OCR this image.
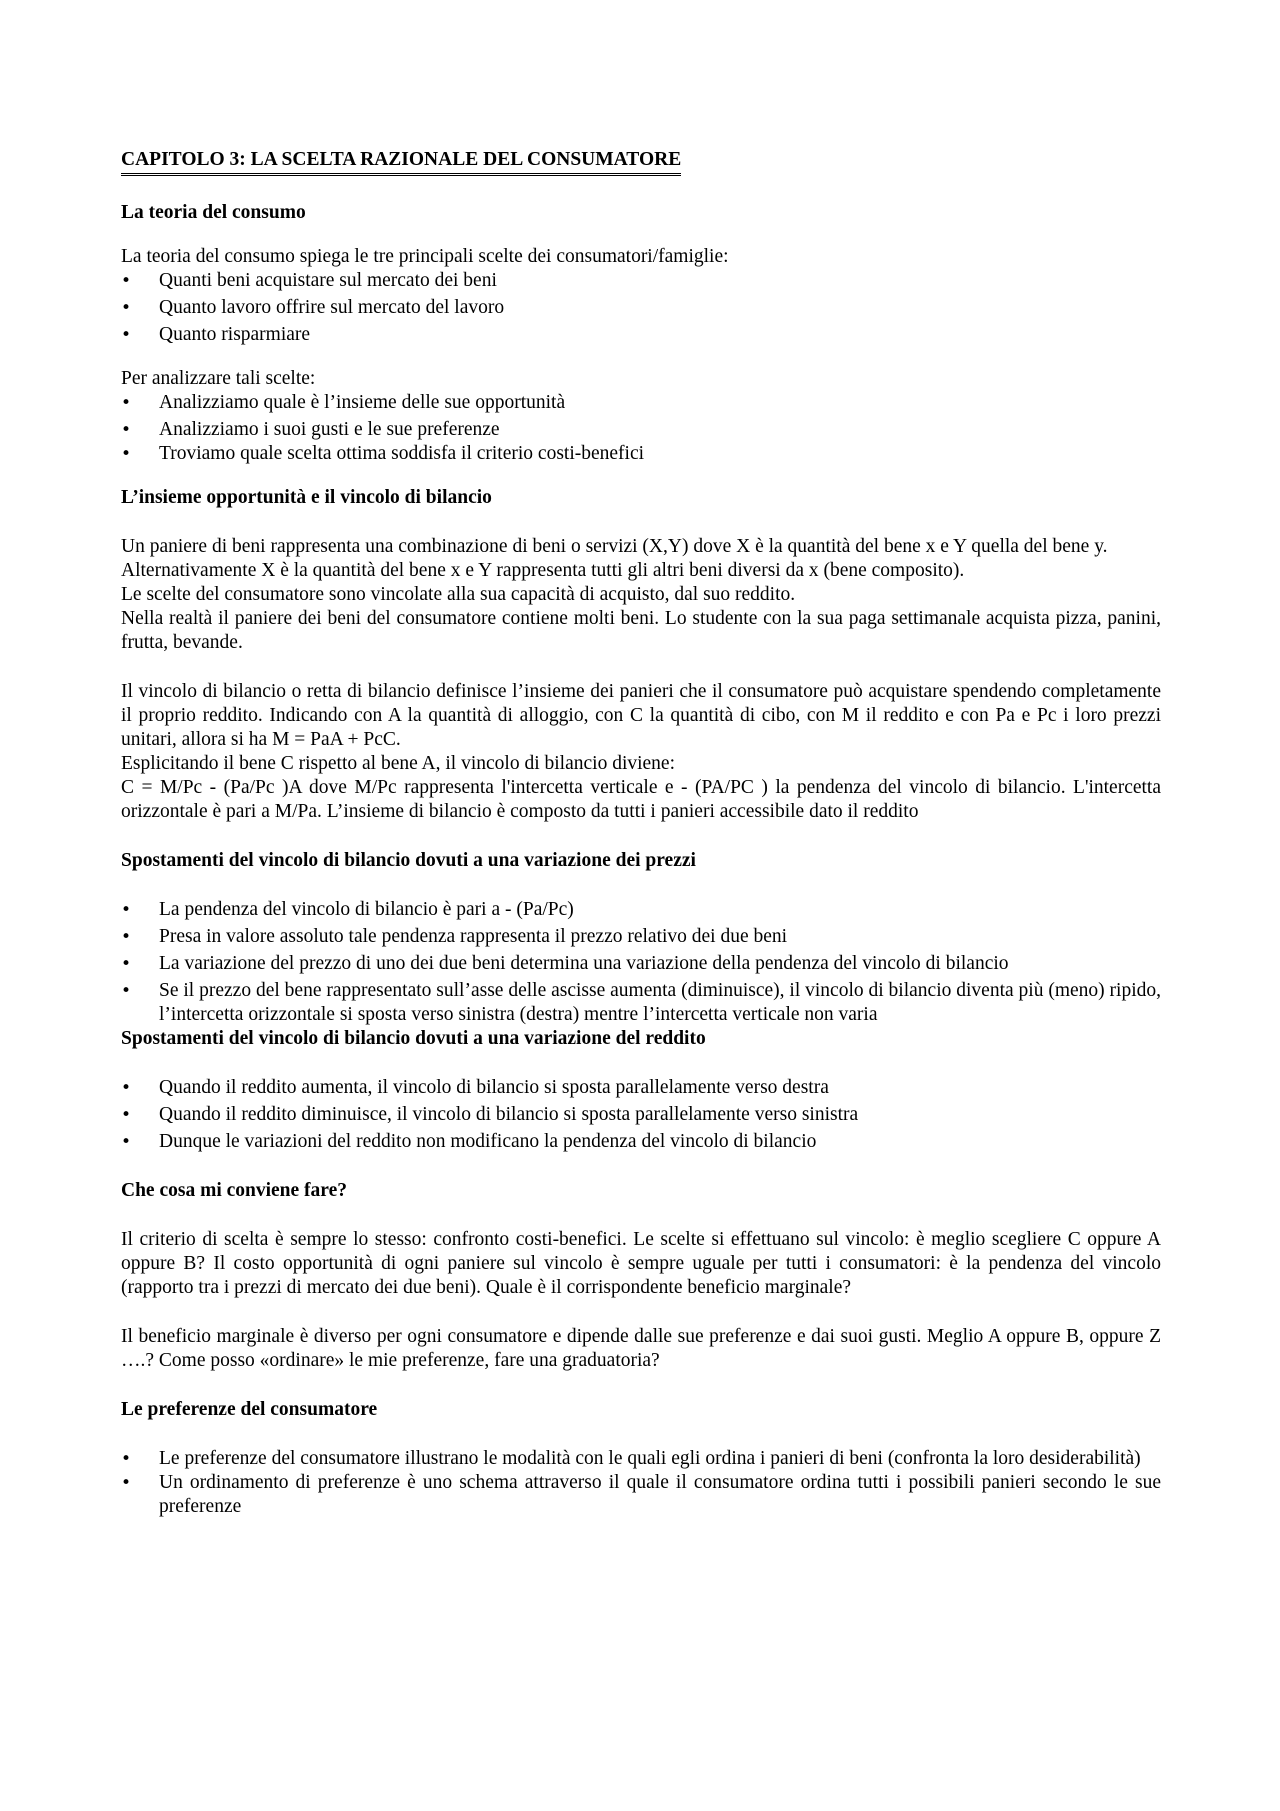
CAPITOLO 3: LA SCELTA RAZIONALE DEL CONSUMATORE
La teoria del consumo

La teoria del consumo spiega le tre principali scelte dei consumatori/famiglie:

• Quanti beni acquistare sul mercato dei beni
• Quanto lavoro offrire sul mercato del lavoro
• Quanto risparmiare

Per analizzare tali scelte:

• Analizziamo quale è l’insieme delle sue opportunità
• Analizziamo i suoi gusti e le sue preferenze
• Troviamo quale scelta ottima soddisfa il criterio costi-benefici
L’insieme opportunità e il vincolo di bilancio

Un paniere di beni rappresenta una combinazione di beni o servizi (X,Y) dove X è la quantità del bene x e Y quella del bene y.

Alternativamente X è la quantità del bene x e Y rappresenta tutti gli altri beni diversi da x (bene composito).

Le scelte del consumatore sono vincolate alla sua capacità di acquisto, dal suo reddito.

Nella realtà il paniere dei beni del consumatore contiene molti beni. Lo studente con la sua paga settimanale acquista pizza, panini, frutta, bevande.

Il vincolo di bilancio o retta di bilancio definisce l’insieme dei panieri che il consumatore può acquistare spendendo completamente il proprio reddito. Indicando con A la quantità di alloggio, con C la quantità di cibo, con M il reddito e con Pa e Pc i loro prezzi unitari, allora si ha M = PaA + PcC.

Esplicitando il bene C rispetto al bene A, il vincolo di bilancio diviene:

C = M/Pc - (Pa/Pc )A dove M/Pc rappresenta l'intercetta verticale e - (PA/PC ) la pendenza del vincolo di bilancio. L'intercetta orizzontale è pari a M/Pa. L’insieme di bilancio è composto da tutti i panieri accessibile dato il reddito

Spostamenti del vincolo di bilancio dovuti a una variazione dei prezzi
• La pendenza del vincolo di bilancio è pari a - (Pa/Pc)
• Presa in valore assoluto tale pendenza rappresenta il prezzo relativo dei due beni
• La variazione del prezzo di uno dei due beni determina una variazione della pendenza del vincolo di bilancio
• Se il prezzo del bene rappresentato sull’asse delle ascisse aumenta (diminuisce), il vincolo di bilancio diventa più (meno) ripido, l’intercetta orizzontale si sposta verso sinistra (destra) mentre l’intercetta verticale non varia
Spostamenti del vincolo di bilancio dovuti a una variazione del reddito
• Quando il reddito aumenta, il vincolo di bilancio si sposta parallelamente verso destra
• Quando il reddito diminuisce, il vincolo di bilancio si sposta parallelamente verso sinistra
• Dunque le variazioni del reddito non modificano la pendenza del vincolo di bilancio
Che cosa mi conviene fare?

Il criterio di scelta è sempre lo stesso: confronto costi-benefici. Le scelte si effettuano sul vincolo: è meglio scegliere C oppure A oppure B? Il costo opportunità di ogni paniere sul vincolo è sempre uguale per tutti i consumatori: è la pendenza del vincolo (rapporto tra i prezzi di mercato dei due beni). Quale è il corrispondente beneficio marginale?

Il beneficio marginale è diverso per ogni consumatore e dipende dalle sue preferenze e dai suoi gusti. Meglio A oppure B, oppure Z ….? Come posso «ordinare» le mie preferenze, fare una graduatoria?

Le preferenze del consumatore
• Le preferenze del consumatore illustrano le modalità con le quali egli ordina i panieri di beni (confronta la loro desiderabilità)
• Un ordinamento di preferenze è uno schema attraverso il quale il consumatore ordina tutti i possibili panieri secondo le sue preferenze
